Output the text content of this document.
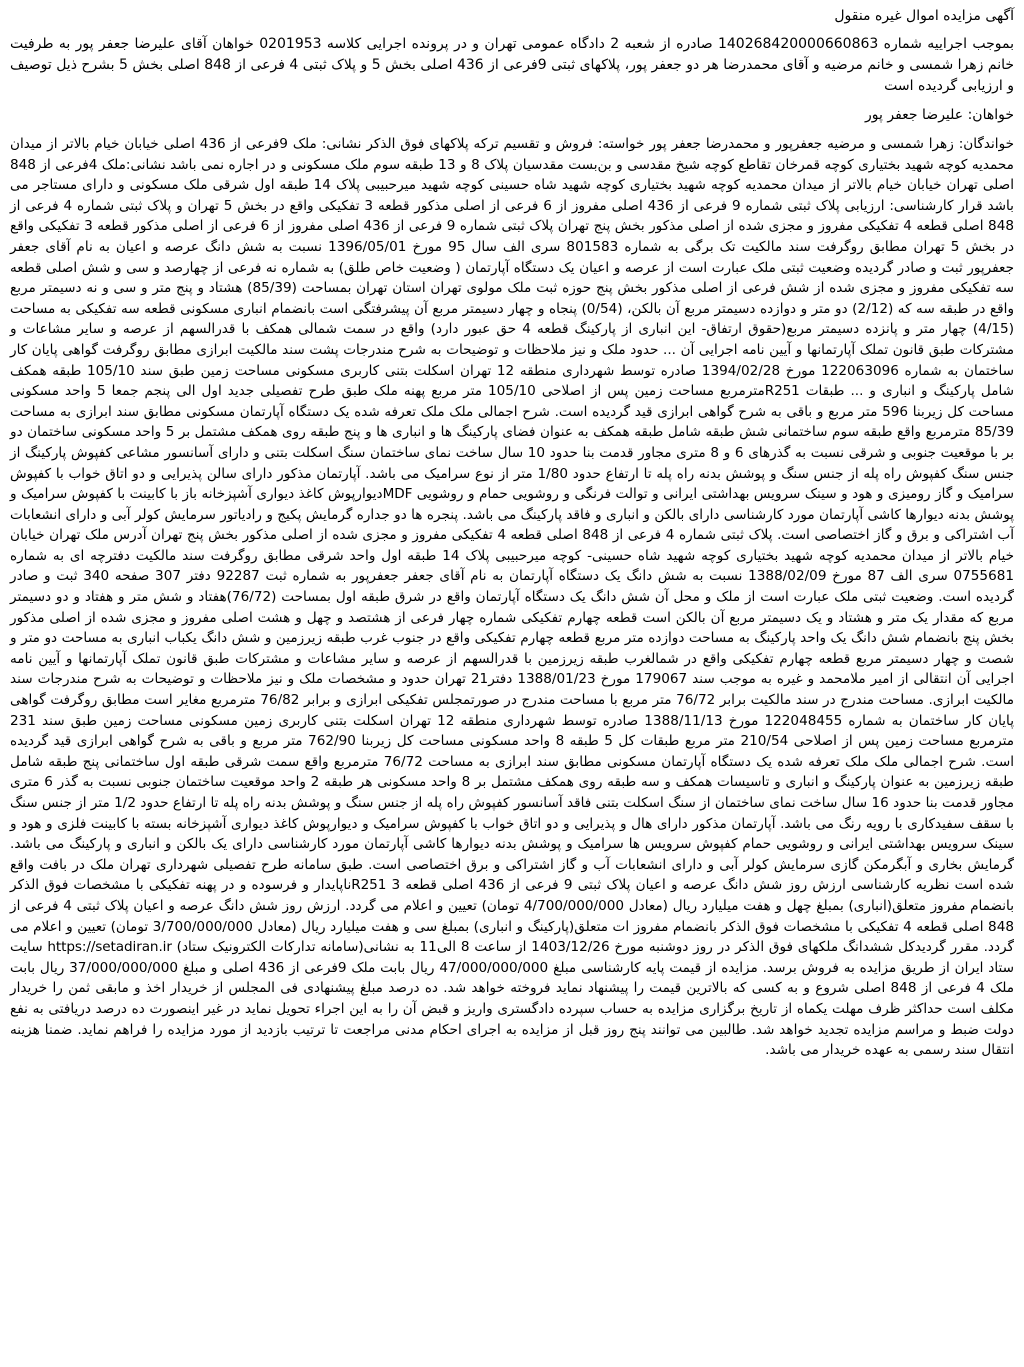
آگهی مزایده اموال غیره منقول
بموجب اجراییه شماره 140268420000660863 صادره از شعبه 2 دادگاه عمومی تهران و در پرونده اجرایی کلاسه 0201953 خواهان آقای علیرضا جعفر پور به طرفیت خانم زهرا شمسی و خانم مرضیه و آقای محمدرضا هر دو جعفر پور، پلاکهای ثبتی 9فرعی از 436 اصلی بخش 5 و پلاک ثبتی 4 فرعی از 848 اصلی بخش 5 بشرح ذیل توصیف و ارزیابی گردیده است
خواهان: علیرضا جعفر پور
خواندگان: زهرا شمسی و مرضیه جعفرپور و محمدرضا جعفر پور خواسته: فروش و تقسیم ترکه پلاکهای فوق الذکر نشانی: ملک 9فرعی از 436 اصلی خیابان خیام بالاتر از میدان محمدیه کوچه شهید بختیاری کوچه قمرخان تقاطع کوچه شیخ مقدسی و بن‌بست مقدسیان پلاک 8 و 13 طبقه سوم ملک مسکونی و در اجاره نمی باشد نشانی:ملک 4فرعی از 848 اصلی تهران خیابان خیام بالاتر از میدان محمدیه کوچه شهید بختیاری کوچه شهید شاه حسینی کوچه شهید میرحبیبی پلاک 14 طبقه اول شرقی ملک مسکونی و دارای مستاجر می باشد قرار کارشناسی: ارزیابی پلاک ثبتی شماره 9 فرعی از 436 اصلی مفروز از 6 فرعی از اصلی مذکور قطعه 3 تفکیکی واقع در بخش 5 تهران و پلاک ثبتی شماره 4 فرعی از 848 اصلی قطعه 4 تفکیکی مفروز و مجزی شده از اصلی مذکور بخش پنج تهران پلاک ثبتی شماره 9 فرعی از 436 اصلی مفروز از 6 فرعی از اصلی مذکور قطعه 3 تفکیکی واقع در بخش 5 تهران مطابق روگرفت سند مالکیت تک برگی به شماره 801583 سری الف سال 95 مورخ 1396/05/01 نسبت به شش دانگ عرصه و اعیان به نام آقای جعفر جعفرپور ثبت و صادر گردیده وضعیت ثبتی ملک عبارت است از عرصه و اعیان یک دستگاه آپارتمان ( وضعیت خاص طلق) به شماره نه فرعی از چهارصد و سی و شش اصلی قطعه سه تفکیکی مفروز و مجزی شده از شش فرعی از اصلی مذکور بخش پنج حوزه ثبت ملک مولوی تهران استان تهران بمساحت (85/39) هشتاد و پنج متر و سی و نه دسیمتر مربع واقع در طبقه سه که (2/12) دو متر و دوازده دسیمتر مربع آن بالکن، (0/54) پنجاه و چهار دسیمتر مربع آن پیشرفتگی است بانضمام انباری مسکونی قطعه سه تفکیکی به مساحت (4/15) چهار متر و پانزده دسیمتر مربع(حقوق ارتفاق- این انباری از پارکینگ قطعه 4 حق عبور دارد) واقع در سمت شمالی همکف با قدرالسهم از عرصه و سایر مشاعات و مشترکات طبق قانون تملک آپارتمانها و آیین نامه اجرایی آن ... حدود ملک و نیز ملاحظات و توضیحات به شرح مندرجات پشت سند مالکیت ابرازی مطابق روگرفت گواهی پایان کار ساختمان به شماره 122063096 مورخ 1394/02/28 صادره توسط شهرداری منطقه 12 تهران اسکلت بتنی کاربری مسکونی مساحت زمین طبق سند 105/10 طبقه همکف شامل پارکینگ و انباری و ... طبقات R251مترمربع مساحت زمین پس از اصلاحی 105/10 متر مربع پهنه ملک طبق طرح تفصیلی جدید اول الی پنجم جمعا 5 واحد مسکونی مساحت کل زیربنا 596 متر مربع و باقی به شرح گواهی ابرازی قید گردیده است. شرح اجمالی ملک ملک تعرفه شده یک دستگاه آپارتمان مسکونی مطابق سند ابرازی به مساحت 85/39 مترمربع واقع طبقه سوم ساختمانی شش طبقه شامل طبقه همکف به عنوان فضای پارکینگ ها و انباری ها و پنج طبقه روی همکف مشتمل بر 5 واحد مسکونی ساختمان دو بر با موقعیت جنوبی و شرقی نسبت به گذرهای 6 و 8 متری مجاور قدمت بنا حدود 10 سال ساخت نمای ساختمان سنگ اسکلت بتنی و دارای آسانسور مشاعی کفپوش پارکینگ از جنس سنگ کفپوش راه پله از جنس سنگ و پوشش بدنه راه پله تا ارتفاع حدود 1/80 متر از نوع سرامیک می باشد. آپارتمان مذکور دارای سالن پذیرایی و دو اتاق خواب با کفپوش سرامیک و گاز رومیزی و هود و سینک سرویس بهداشتی ایرانی و توالت فرنگی و روشویی حمام و روشویی MDFدیوارپوش کاغذ دیواری آشپزخانه باز با کابینت با کفپوش سرامیک و پوشش بدنه دیوارها کاشی آپارتمان مورد کارشناسی دارای بالکن و انباری و فاقد پارکینگ می باشد. پنجره ها دو جداره گرمایش پکیج و رادیاتور سرمایش کولر آبی و دارای انشعابات آب اشتراکی و برق و گاز اختصاصی است. پلاک ثبتی شماره 4 فرعی از 848 اصلی قطعه 4 تفکیکی مفروز و مجزی شده از اصلی مذکور بخش پنج تهران آدرس ملک تهران خیابان خیام بالاتر از میدان محمدیه کوچه شهید بختیاری کوچه شهید شاه حسینی- کوچه میرحبیبی پلاک 14 طبقه اول واحد شرقی مطابق روگرفت سند مالکیت دفترچه ای به شماره 0755681 سری الف 87 مورخ 1388/02/09 نسبت به شش دانگ یک دستگاه آپارتمان به نام آقای جعفر جعفرپور به شماره ثبت 92287 دفتر 307 صفحه 340 ثبت و صادر گردیده است. وضعیت ثبتی ملک عبارت است از ملک و محل آن شش دانگ یک دستگاه آپارتمان واقع در شرق طبقه اول بمساحت (76/72)هفتاد و شش متر و هفتاد و دو دسیمتر مربع که مقدار یک متر و هشتاد و یک دسیمتر مربع آن بالکن است قطعه چهارم تفکیکی شماره چهار فرعی از هشتصد و چهل و هشت اصلی مفروز و مجزی شده از اصلی مذکور بخش پنج بانضمام شش دانگ یک واحد پارکینگ به مساحت دوازده متر مربع قطعه چهارم تفکیکی واقع در جنوب غرب طبقه زیرزمین و شش دانگ یکباب انباری به مساحت دو متر و شصت و چهار دسیمتر مربع قطعه چهارم تفکیکی واقع در شمالغرب طبقه زیرزمین با قدرالسهم از عرصه و سایر مشاعات و مشترکات طبق قانون تملک آپارتمانها و آیین نامه اجرایی آن انتقالی از امیر ملامحمد و غیره به موجب سند 179067 مورخ 1388/01/23 دفتر21 تهران حدود و مشخصات ملک و نیز ملاحظات و توضیحات به شرح مندرجات سند مالکیت ابرازی. مساحت مندرج در سند مالکیت برابر 76/72 متر مربع با مساحت مندرج در صورتمجلس تفکیکی ابرازی و برابر 76/82 مترمربع مغایر است مطابق روگرفت گواهی پایان کار ساختمان به شماره 122048455 مورخ 1388/11/13 صادره توسط شهرداری منطقه 12 تهران اسکلت بتنی کاربری زمین مسکونی مساحت زمین طبق سند 231 مترمربع مساحت زمین پس از اصلاحی 210/54 متر مربع طبقات کل 5 طبقه 8 واحد مسکونی مساحت کل زیربنا 762/90 متر مربع و باقی به شرح گواهی ابرازی قید گردیده است. شرح اجمالی ملک ملک تعرفه شده یک دستگاه آپارتمان مسکونی مطابق سند ابرازی به مساحت 76/72 مترمربع واقع سمت شرقی طبقه اول ساختمانی پنج طبقه شامل طبقه زیرزمین به عنوان پارکینگ و انباری و تاسیسات همکف و سه طبقه روی همکف مشتمل بر 8 واحد مسکونی هر طبقه 2 واحد موقعیت ساختمان جنوبی نسبت به گذر 6 متری مجاور قدمت بنا حدود 16 سال ساخت نمای ساختمان از سنگ اسکلت بتنی فاقد آسانسور کفپوش راه پله از جنس سنگ و پوشش بدنه راه پله تا ارتفاع حدود 1/2 متر از جنس سنگ با سقف سفیدکاری با رویه رنگ می باشد. آپارتمان مذکور دارای هال و پذیرایی و دو اتاق خواب با کفپوش سرامیک و دیوارپوش کاغذ دیواری آشپزخانه بسته با کابینت فلزی و هود و سینک سرویس بهداشتی ایرانی و روشویی حمام کفپوش سرویس ها سرامیک و پوشش بدنه دیوارها کاشی آپارتمان مورد کارشناسی دارای یک بالکن و انباری و پارکینگ می باشد. گرمایش بخاری و آبگرمکن گازی سرمایش کولر آبی و دارای انشعابات آب و گاز اشتراکی و برق اختصاصی است. طبق سامانه طرح تفصیلی شهرداری تهران ملک در بافت واقع شده است نظریه کارشناسی ارزش روز شش دانگ عرصه و اعیان پلاک ثبتی 9 فرعی از 436 اصلی قطعه 3 R251ناپایدار و فرسوده و در پهنه تفکیکی با مشخصات فوق الذکر بانضمام مفروز متعلق(انباری) بمبلغ چهل و هفت میلیارد ریال (معادل 4/700/000/000 تومان) تعیین و اعلام می گردد. ارزش روز شش دانگ عرصه و اعیان پلاک ثبتی 4 فرعی از 848 اصلی قطعه 4 تفکیکی با مشخصات فوق الذکر بانضمام مفروز ات متعلق(پارکینگ و انباری) بمبلغ سی و هفت میلیارد ریال (معادل 3/700/000/000 تومان) تعیین و اعلام می گردد. مقرر گردیدکل ششدانگ ملکهای فوق الذکر در روز دوشنبه مورخ 1403/12/26 از ساعت 8 الی11 به نشانی(سامانه تدارکات الکترونیک ستاد) https://setadiran.ir سایت ستاد ایران از طریق مزایده به فروش برسد. مزایده از قیمت پایه کارشناسی مبلغ 47/000/000/000 ریال بابت ملک 9فرعی از 436 اصلی و مبلغ 37/000/000/000 ریال بابت ملک 4 فرعی از 848 اصلی شروع و به کسی که بالاترین قیمت را پیشنهاد نماید فروخته خواهد شد. ده درصد مبلغ پیشنهادی فی المجلس از خریدار اخذ و مابقی ثمن را خریدار مکلف است حداکثر ظرف مهلت یکماه از تاریخ برگزاری مزایده به حساب سپرده دادگستری واریز و قبض آن را به این اجراء تحویل نماید در غیر اینصورت ده درصد دریافتی به نفع دولت ضبط و مراسم مزایده تجدید خواهد شد. طالبین می توانند پنج روز قبل از مزایده به اجرای احکام مدنی مراجعت تا ترتیب بازدید از مورد مزایده را فراهم نماید. ضمنا هزینه انتقال سند رسمی به عهده خریدار می باشد.
